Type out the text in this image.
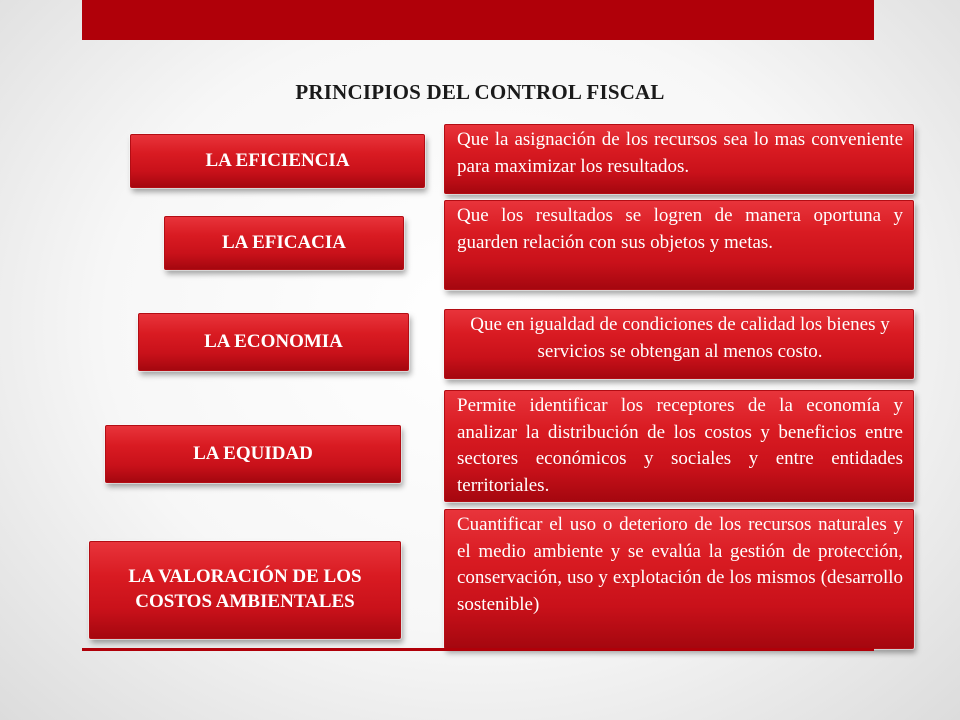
PRINCIPIOS DEL CONTROL FISCAL
LA EFICIENCIA
Que la asignación de los recursos sea lo mas conveniente para maximizar los resultados.
LA EFICACIA
Que los resultados se logren de manera oportuna y guarden relación con sus objetos y metas.
LA ECONOMIA
Que en igualdad de condiciones de calidad los bienes y servicios se obtengan al menos costo.
LA EQUIDAD
Permite identificar los receptores de la economía y analizar la distribución de los costos y beneficios entre sectores económicos y sociales y entre entidades territoriales.
LA VALORACIÓN DE LOS COSTOS AMBIENTALES
Cuantificar el uso o deterioro de los recursos naturales y el medio ambiente y se evalúa la gestión de protección, conservación, uso y explotación de los mismos (desarrollo sostenible)
